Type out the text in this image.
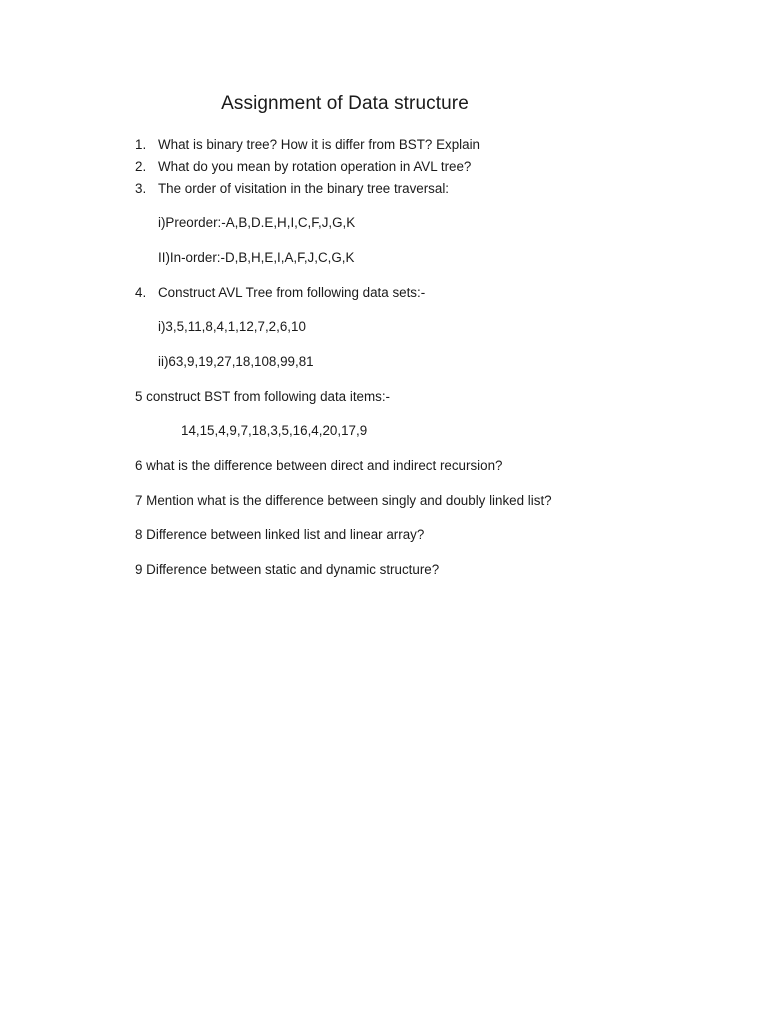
Assignment of Data structure
1. What is binary tree? How it is differ from BST? Explain
2. What do you mean by rotation operation in AVL tree?
3. The order of visitation in the binary tree traversal:
i)Preorder:-A,B,D.E,H,I,C,F,J,G,K
II)In-order:-D,B,H,E,I,A,F,J,C,G,K
4. Construct AVL Tree from following data sets:-
i)3,5,11,8,4,1,12,7,2,6,10
ii)63,9,19,27,18,108,99,81
5 construct BST from following data items:-
14,15,4,9,7,18,3,5,16,4,20,17,9
6 what is the difference between direct and indirect recursion?
7 Mention what is the difference between singly and doubly linked list?
8 Difference between linked list and linear array?
9 Difference between static and dynamic structure?
